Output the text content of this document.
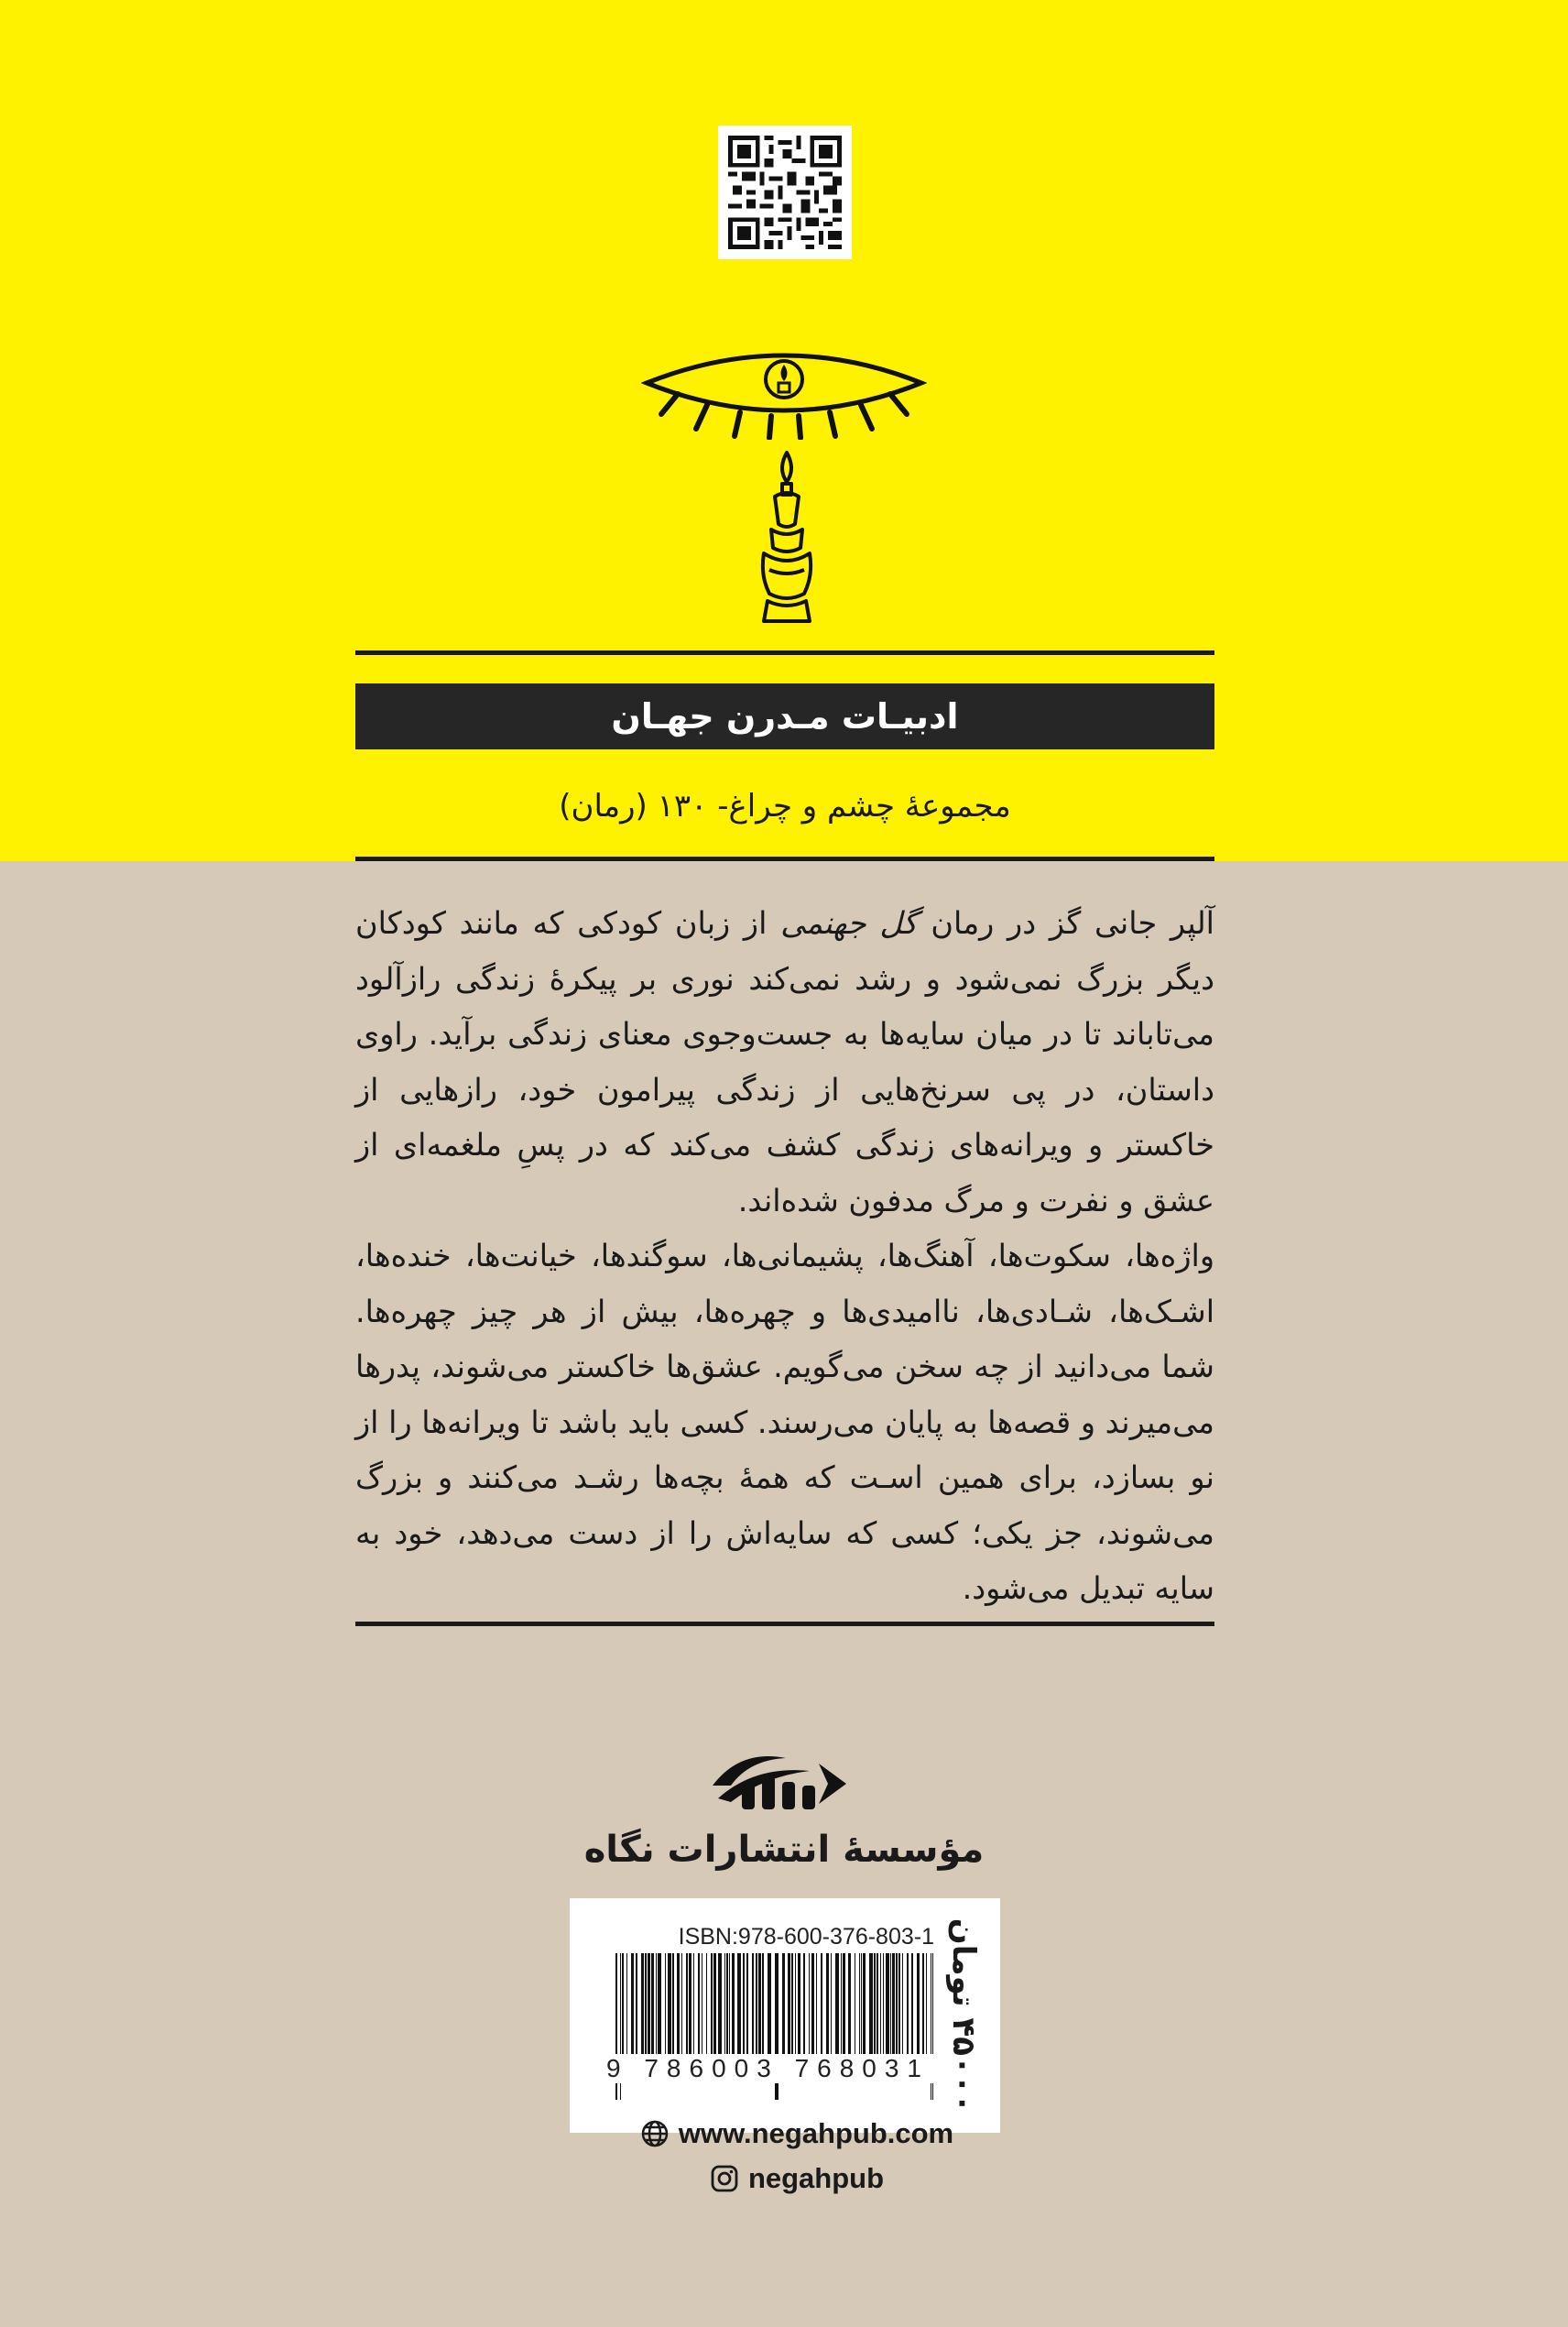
ادبیـات مـدرن جهـان
مجموعهٔ چشم و چراغ- ۱۳۰ (رمان)

آلپر جانی گز در رمان گل جهنمی از زبان کودکی که مانند کودکان دیگر بزرگ نمی‌شود و رشد نمی‌کند نوری بر پیکرهٔ زندگی رازآلود می‌تاباند تا در میان سایه‌ها به جست‌وجوی معنای زندگی برآید. راوی داستان، در پی سرنخ‌هایی از زندگی پیرامون خود، رازهایی از خاکستر و ویرانه‌های زندگی کشف می‌کند که در پسِ ملغمه‌ای از عشق و نفرت و مرگ مدفون شده‌اند.

واژه‌ها، سکوت‌ها، آهنگ‌ها، پشیمانی‌ها، سوگندها، خیانت‌ها، خنده‌ها، اشـک‌ها، شـادی‌ها، ناامیدی‌ها و چهره‌ها، بیش از هر چیز چهره‌ها. شما می‌دانید از چه سخن می‌گویم. عشق‌ها خاکستر می‌شوند، پدرها می‌میرند و قصه‌ها به پایان می‌رسند. کسی باید باشد تا ویرانه‌ها را از نو بسازد، برای همین اسـت که همهٔ بچه‌ها رشـد می‌کنند و بزرگ می‌شوند، جز یکی؛ کسی که سایه‌اش را از دست می‌دهد، خود به سایه تبدیل می‌شود.

مؤسسهٔ انتشارات نگاه
ISBN:978-600-376-803-1
9 786003 768031
۴۵۰۰۰ تومان
www.negahpub.com
negahpub
